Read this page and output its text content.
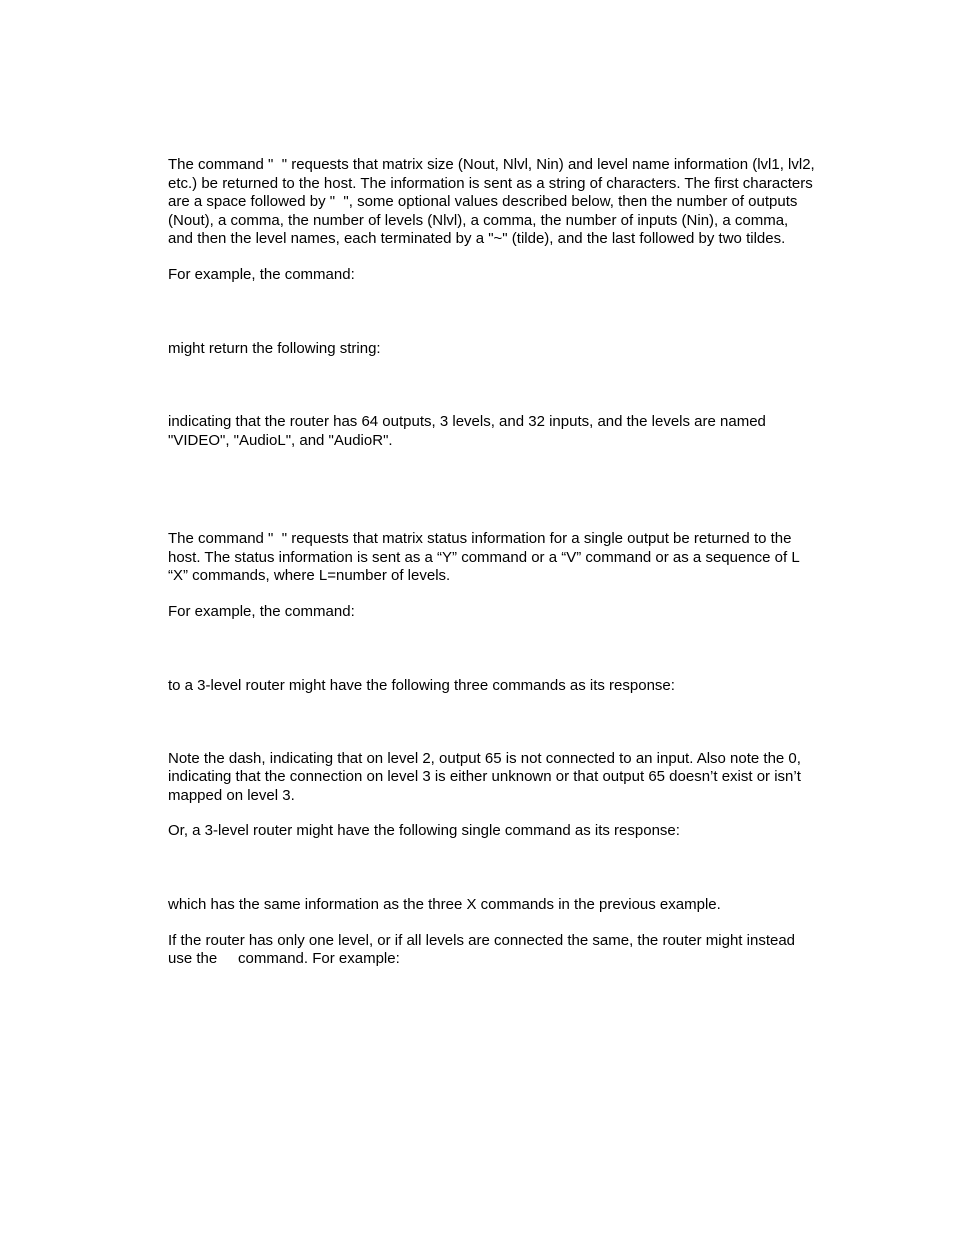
The command "  " requests that matrix size (Nout, Nlvl, Nin) and level name information (lvl1, lvl2,
etc.) be returned to the host. The information is sent as a string of characters. The first characters
are a space followed by "  ", some optional values described below, then the number of outputs
(Nout), a comma, the number of levels (Nlvl), a comma, the number of inputs (Nin), a comma,
and then the level names, each terminated by a "~" (tilde), and the last followed by two tildes.
For example, the command:
might return the following string:
indicating that the router has 64 outputs, 3 levels, and 32 inputs, and the levels are named
"VIDEO", "AudioL", and "AudioR".
The command "  " requests that matrix status information for a single output be returned to the
host. The status information is sent as a “Y” command or a “V” command or as a sequence of L
“X” commands, where L=number of levels.
For example, the command:
to a 3-level router might have the following three commands as its response:
Note the dash, indicating that on level 2, output 65 is not connected to an input. Also note the 0,
indicating that the connection on level 3 is either unknown or that output 65 doesn’t exist or isn’t
mapped on level 3.
Or, a 3-level router might have the following single command as its response:
which has the same information as the three X commands in the previous example.
If the router has only one level, or if all levels are connected the same, the router might instead
use the     command. For example:
